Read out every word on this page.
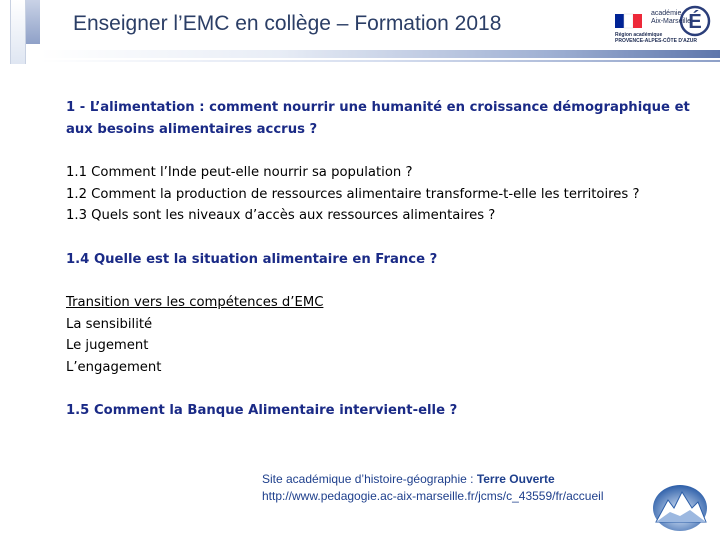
Enseigner l’EMC en collège – Formation 2018	É
académie
Aix-Marseille
Région académique
PROVENCE-ALPES-CÔTE D'AZUR

1 - L’alimentation : comment nourrir une humanité en croissance démographique et aux besoins alimentaires accrus ?

1.1 Comment l’Inde peut-elle nourrir sa population ?

1.2 Comment la production de ressources alimentaire transforme-t-elle les territoires ?

1.3 Quels sont les niveaux d’accès aux ressources alimentaires ?

1.4 Quelle est la situation alimentaire en France ?

Transition vers les compétences d’EMC

La sensibilité

Le jugement

L’engagement

1.5 Comment la Banque Alimentaire intervient-elle ?

Site académique d’histoire-géographie : Terre Ouverte
http://www.pedagogie.ac-aix-marseille.fr/jcms/c_43559/fr/accueil
